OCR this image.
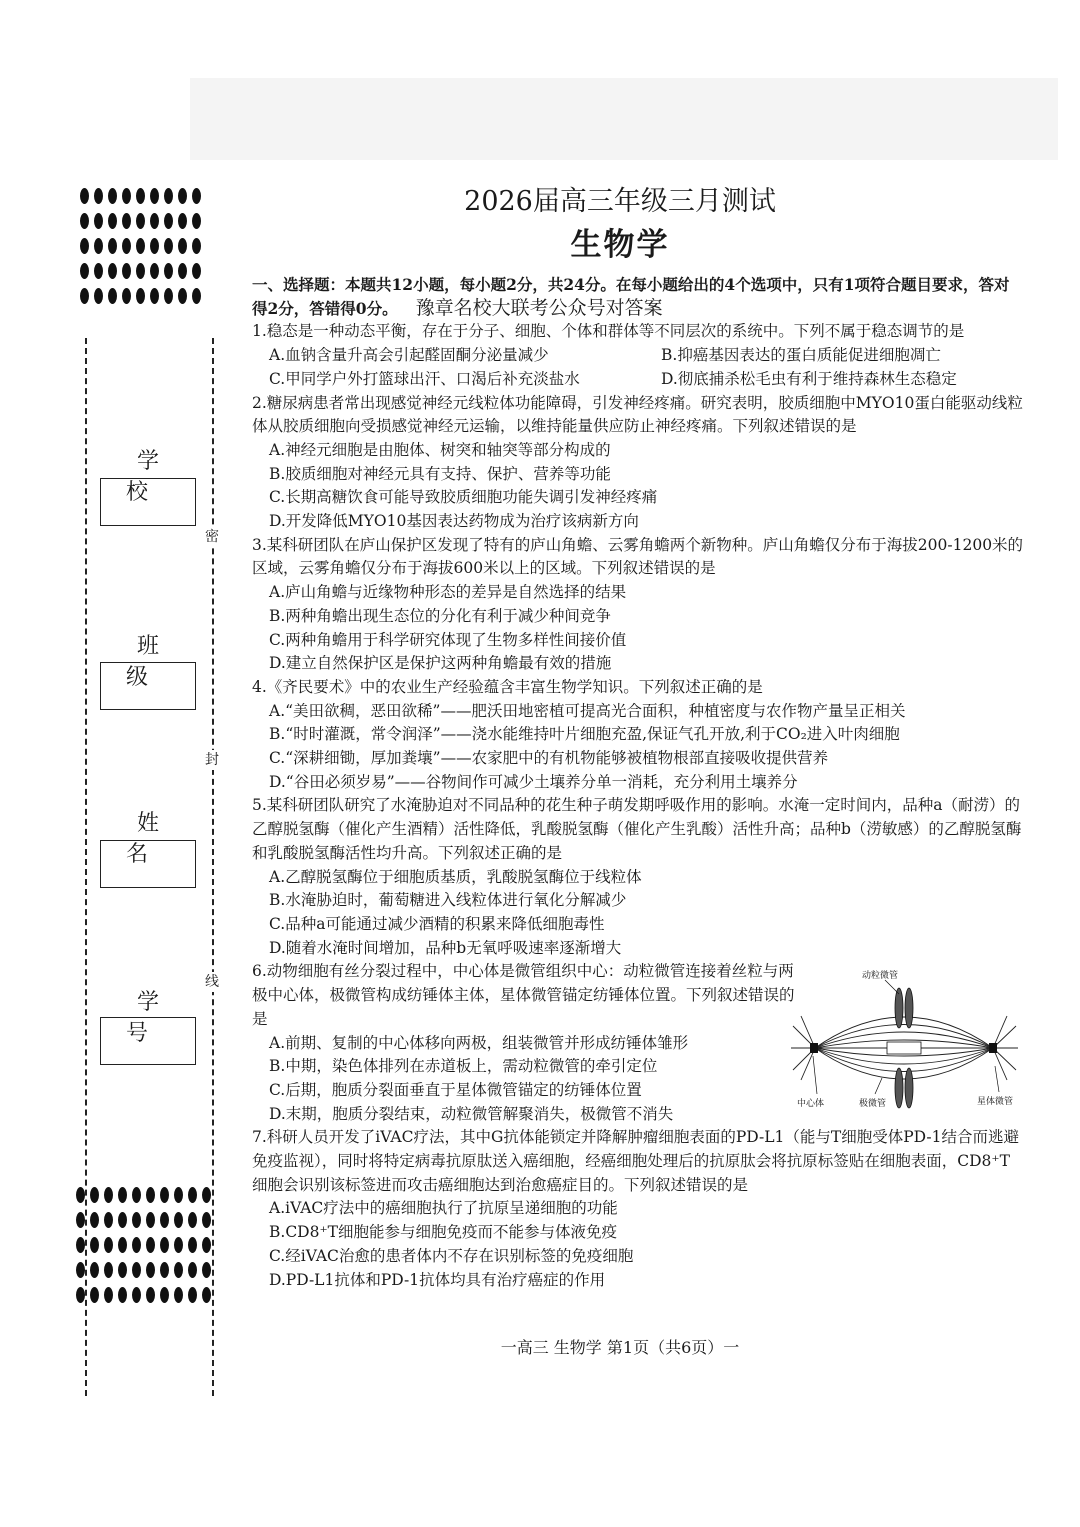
密
封
线
学校
班级
姓名
学号
2026届高三年级三月测试
生物学

一、选择题：本题共12小题，每小题2分，共24分。在每小题给出的4个选项中，只有1项符合题目要求，答对得2分，答错得0分。 豫章名校大联考公众号对答案

1.稳态是一种动态平衡，存在于分子、细胞、个体和群体等不同层次的系统中。下列不属于稳态调节的是

A.血钠含量升高会引起醛固酮分泌量减少	B.抑癌基因表达的蛋白质能促进细胞凋亡
C.甲同学户外打篮球出汗、口渴后补充淡盐水	D.彻底捕杀松毛虫有利于维持森林生态稳定

2.糖尿病患者常出现感觉神经元线粒体功能障碍，引发神经疼痛。研究表明，胶质细胞中MYO10蛋白能驱动线粒体从胶质细胞向受损感觉神经元运输，以维持能量供应防止神经疼痛。下列叙述错误的是

A.神经元细胞是由胞体、树突和轴突等部分构成的

B.胶质细胞对神经元具有支持、保护、营养等功能

C.长期高糖饮食可能导致胶质细胞功能失调引发神经疼痛

D.开发降低MYO10基因表达药物成为治疗该病新方向

3.某科研团队在庐山保护区发现了特有的庐山角蟾、云雾角蟾两个新物种。庐山角蟾仅分布于海拔200-1200米的区域，云雾角蟾仅分布于海拔600米以上的区域。下列叙述错误的是

A.庐山角蟾与近缘物种形态的差异是自然选择的结果

B.两种角蟾出现生态位的分化有利于减少种间竞争

C.两种角蟾用于科学研究体现了生物多样性间接价值

D.建立自然保护区是保护这两种角蟾最有效的措施

4.《齐民要术》中的农业生产经验蕴含丰富生物学知识。下列叙述正确的是

A.“美田欲稠，恶田欲稀”——肥沃田地密植可提高光合面积，种植密度与农作物产量呈正相关

B.“时时灌溉，常令润泽”——浇水能维持叶片细胞充盈,保证气孔开放,利于CO₂进入叶肉细胞

C.“深耕细锄，厚加粪壤”——农家肥中的有机物能够被植物根部直接吸收提供营养

D.“谷田必须岁易”——谷物间作可减少土壤养分单一消耗，充分利用土壤养分

5.某科研团队研究了水淹胁迫对不同品种的花生种子萌发期呼吸作用的影响。水淹一定时间内，品种a（耐涝）的乙醇脱氢酶（催化产生酒精）活性降低，乳酸脱氢酶（催化产生乳酸）活性升高；品种b（涝敏感）的乙醇脱氢酶和乳酸脱氢酶活性均升高。下列叙述正确的是

A.乙醇脱氢酶位于细胞质基质，乳酸脱氢酶位于线粒体

B.水淹胁迫时，葡萄糖进入线粒体进行氧化分解减少

C.品种a可能通过减少酒精的积累来降低细胞毒性

D.随着水淹时间增加，品种b无氧呼吸速率逐渐增大

6.动物细胞有丝分裂过程中，中心体是微管组织中心：动粒微管连接着丝粒与两极中心体，极微管构成纺锤体主体，星体微管锚定纺锤体位置。下列叙述错误的是

A.前期、复制的中心体移向两极，组装微管并形成纺锤体雏形

B.中期，染色体排列在赤道板上，需动粒微管的牵引定位

C.后期，胞质分裂面垂直于星体微管锚定的纺锤体位置

D.末期，胞质分裂结束，动粒微管解聚消失，极微管不消失

动粒微管
中心体	极微管	星体微管

7.科研人员开发了iVAC疗法，其中G抗体能锁定并降解肿瘤细胞表面的PD-L1（能与T细胞受体PD-1结合而逃避免疫监视），同时将特定病毒抗原肽送入癌细胞，经癌细胞处理后的抗原肽会将抗原标签贴在细胞表面，CD8⁺T细胞会识别该标签进而攻击癌细胞达到治愈癌症目的。下列叙述错误的是

A.iVAC疗法中的癌细胞执行了抗原呈递细胞的功能

B.CD8⁺T细胞能参与细胞免疫而不能参与体液免疫

C.经iVAC治愈的患者体内不存在识别标签的免疫细胞

D.PD-L1抗体和PD-1抗体均具有治疗癌症的作用

一高三 生物学 第1页（共6页）一
